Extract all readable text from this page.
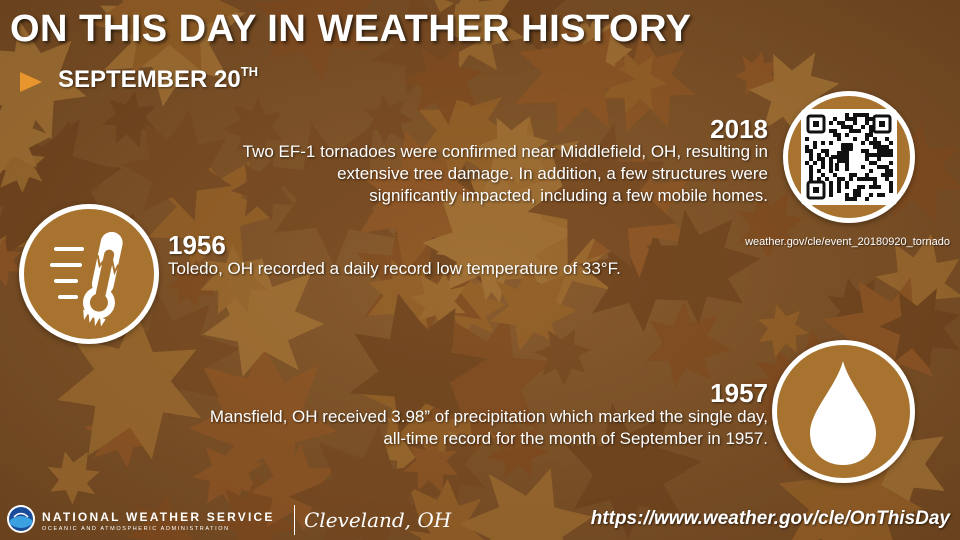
ON THIS DAY IN WEATHER HISTORY
SEPTEMBER 20TH
2018
Two EF-1 tornadoes were confirmed near Middlefield, OH, resulting in
extensive tree damage. In addition, a few structures were
significantly impacted, including a few mobile homes.
weather.gov/cle/event_20180920_tornado
1956
Toledo, OH recorded a daily record low temperature of 33°F.
1957
Mansfield, OH received 3.98” of precipitation which marked the single day,
all-time record for the month of September in 1957.
NATIONAL WEATHER SERVICE
OCEANIC AND ATMOSPHERIC ADMINISTRATION	Cleveland, OH	https://www.weather.gov/cle/OnThisDay
